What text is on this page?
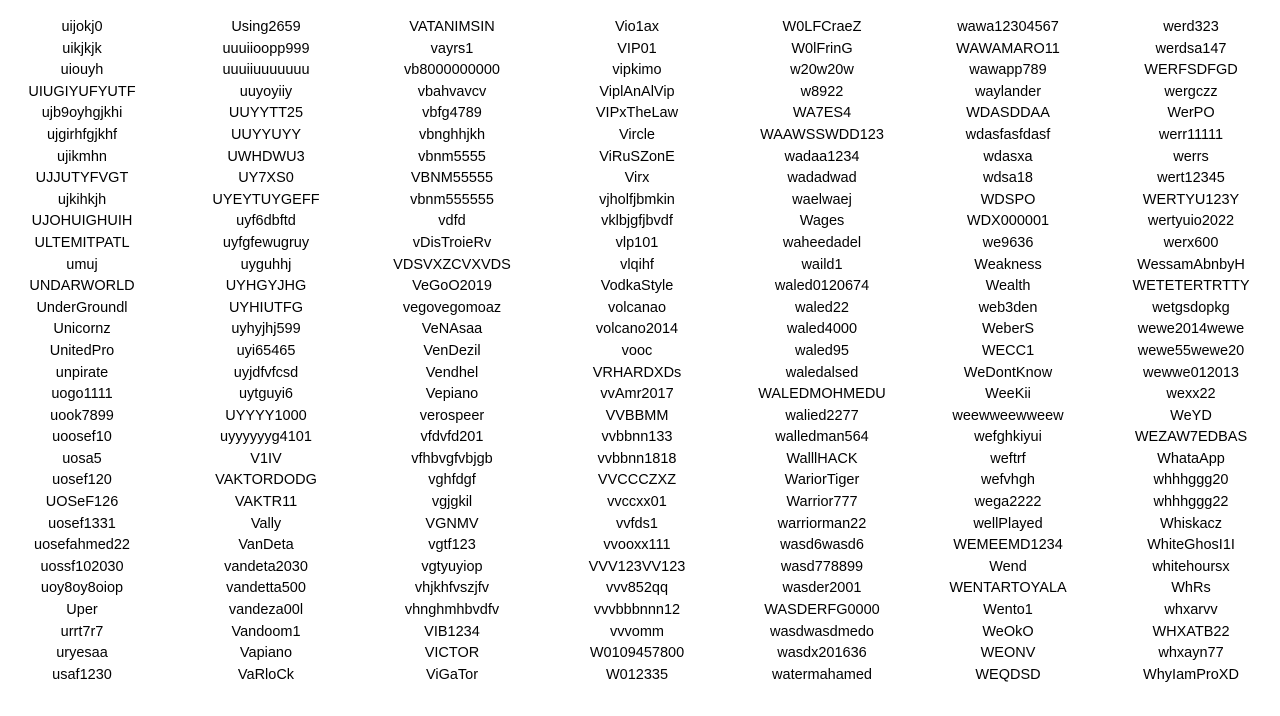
uijokj0
uikjkjk
uiouyh
UIUGIYUFYUTF
ujb9oyhgjkhi
ujgirhfgjkhf
ujikmhn
UJJUTYFVGT
ujkihkjh
UJOHUIGHUIH
ULTEMITPATL
umuj
UNDARWORLD
UnderGroundl
Unicornz
UnitedPro
unpirate
uogo1111
uook7899
uoosef10
uosa5
uosef120
UOSeF126
uosef1331
uosefahmed22
uossf102030
uoy8oy8oiop
Uper
urrt7r7
uryesaa
usaf1230
Using2659
uuuiioopp999
uuuiiuuuuuuu
uuyoyiiy
UUYYTT25
UUYYUYY
UWHDWU3
UY7XS0
UYEYTUYGEFF
uyf6dbftd
uyfgfewugruy
uyguhhj
UYHGYJHG
UYHIUTFG
uyhyjhj599
uyi65465
uyjdfvfcsd
uytguyi6
UYYYY1000
uyyyyyyg4101
V1IV
VAKTORDODG
VAKTR11
Vally
VanDeta
vandeta2030
vandetta500
vandeza00l
Vandoom1
Vapiano
VaRloCk
VATANIMSIN
vayrs1
vb8000000000
vbahvavcv
vbfg4789
vbnghhjkh
vbnm5555
VBNM55555
vbnm555555
vdfd
vDisTroieRv
VDSVXZCVXVDS
VeGoO2019
vegovegomoaz
VeNAsaa
VenDezil
Vendhel
Vepiano
verospeer
vfdvfd201
vfhbvgfvbjgb
vghfdgf
vgjgkil
VGNMV
vgtf123
vgtyuyiop
vhjkhfvszjfv
vhnghmhbvdfv
VIB1234
VICTOR
ViGaTor
Vio1ax
VIP01
vipkimo
ViplAnAlVip
VIPxTheLaw
Vircle
ViRuSZonE
Virx
vjholfjbmkin
vklbjgfjbvdf
vlp101
vlqihf
VodkaStyle
volcanao
volcano2014
vooc
VRHARDXDs
vvAmr2017
VVBBMM
vvbbnn133
vvbbnn1818
VVCCCZXZ
vvccxx01
vvfds1
vvooxx111
VVV123VV123
vvv852qq
vvvbbbnnn12
vvvomm
W0109457800
W012335
W0LFCraeZ
W0lFrinG
w20w20w
w8922
WA7ES4
WAAWSSWDD123
wadaa1234
wadadwad
waelwaej
Wages
waheedadel
waild1
waled0120674
waled22
waled4000
waled95
waledalsed
WALEDMOHMEDU
walied2277
walledman564
WalllHACK
WariorTiger
Warrior777
warriorman22
wasd6wasd6
wasd778899
wasder2001
WASDERFG0000
wasdwasdmedo
wasdx201636
watermahamed
wawa12304567
WAWAMARO11
wawapp789
waylander
WDASDDAA
wdasfasfdasf
wdasxa
wdsa18
WDSPO
WDX000001
we9636
Weakness
Wealth
web3den
WeberS
WECC1
WeDontKnow
WeeKii
weewweewweew
wefghkiyui
weftrf
wefvhgh
wega2222
wellPlayed
WEMEEMD1234
Wend
WENTARTOYALA
Wento1
WeOkO
WEONV
WEQDSD
werd323
werdsa147
WERFSDFGD
wergczz
WerPO
werr11111
werrs
wert12345
WERTYU123Y
wertyuio2022
werx600
WessamAbnbyH
WETETERTRTTY
wetgsdopkg
wewe2014wewe
wewe55wewe20
wewwe012013
wexx22
WeYD
WEZAW7EDBAS
WhataApp
whhhggg20
whhhggg22
Whiskacz
WhiteGhosI1I
whitehoursx
WhRs
whxarvv
WHXATB22
whxayn77
WhyIamProXD
